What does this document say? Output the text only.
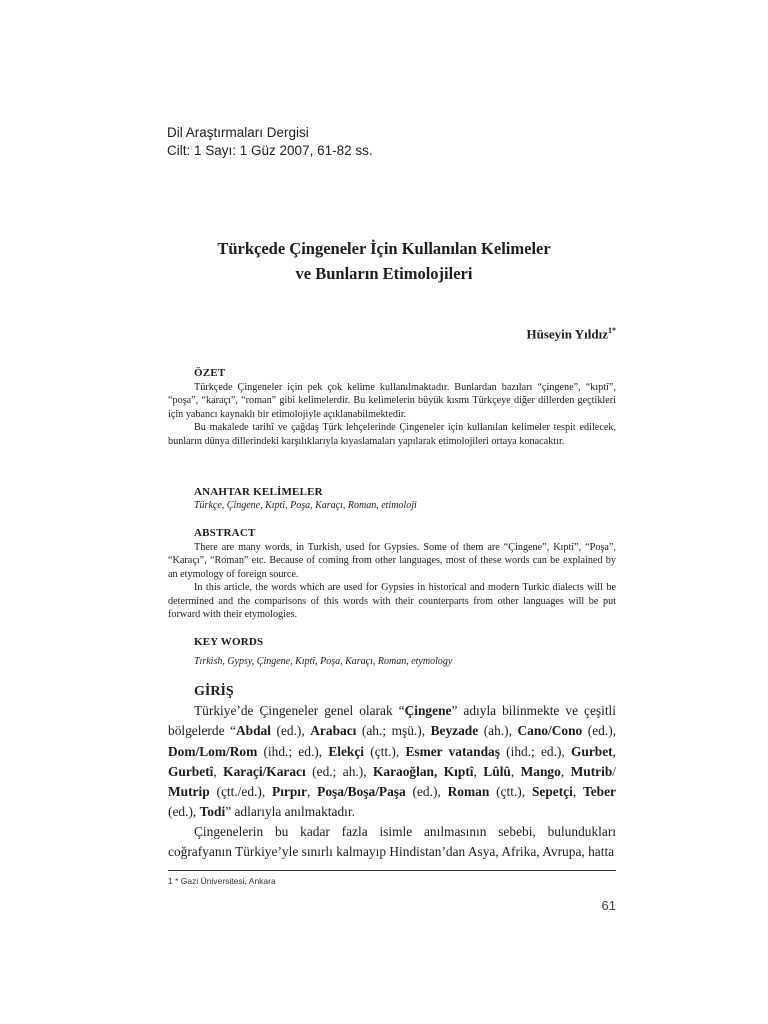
Dil Araştırmaları Dergisi
Cilt: 1 Sayı: 1 Güz 2007, 61-82 ss.
Türkçede Çingeneler İçin Kullanılan Kelimeler
ve Bunların Etimolojileri
Hüseyin Yıldız$^{1*}$
ÖZET

Türkçede Çingeneler için pek çok kelime kullanılmaktadır. Bunlardan bazıları “çingene”, “kıptî”, “poşa”, “karaçı”, “roman” gibi kelimelerdir. Bu kelimelerin büyük kısmı Türkçeye diğer dillerden geçtikleri için yabancı kaynaklı bir etimolojiyle açıklanabilmektedir.

Bu makalede tarihî ve çağdaş Türk lehçelerinde Çingeneler için kullanılan kelimeler tespit edilecek, bunların dünya dillerindeki karşılıklarıyla kıyaslamaları yapılarak etimolojileri ortaya konacaktır.

ANAHTAR KELİMELER
Türkçe, Çingene, Kıptî, Poşa, Karaçı, Roman, etimoloji
ABSTRACT

There are many words, in Turkish, used for Gypsies. Some of them are “Çingene”, Kıptî”, “Poşa”, “Karaçı”, “Roman” etc. Because of coming from other languages, most of these words can be explained by an etymology of foreign source.

In this article, the words which are used for Gypsies in historical and modern Turkic dialects will be determined and the comparisons of this words with their counterparts from other languages will be put forward with their etymologies.

KEY WORDS
Tırkish, Gypsy, Çingene, Kıptî, Poşa, Karaçı, Roman, etymology
GİRİŞ

Türkiye’de Çingeneler genel olarak “Çingene” adıyla bilinmekte ve çeşitli bölgelerde “Abdal (ed.), Arabacı (ah.; mşü.), Beyzade (ah.), Cano/Cono (ed.), Dom/Lom/Rom (ihd.; ed.), Elekçi (çtt.), Esmer vatandaş (ihd.; ed.), Gurbet, Gurbetî, Karaçi/Karacı (ed.; ah.), Karaoğlan, Kıptî, Lûlû, Mango, Mutrib/ Mutrip (çtt./ed.), Pırpır, Poşa/Boşa/Paşa (ed.), Roman (çtt.), Sepetçi, Teber (ed.), Todi” adlarıyla anılmaktadır.

Çingenelerin bu kadar fazla isimle anılmasının sebebi, bulundukları coğrafyanın Türkiye’yle sınırlı kalmayıp Hindistan’dan Asya, Afrika, Avrupa, hatta

1 * Gazi Üniversitesi, Ankara
61
